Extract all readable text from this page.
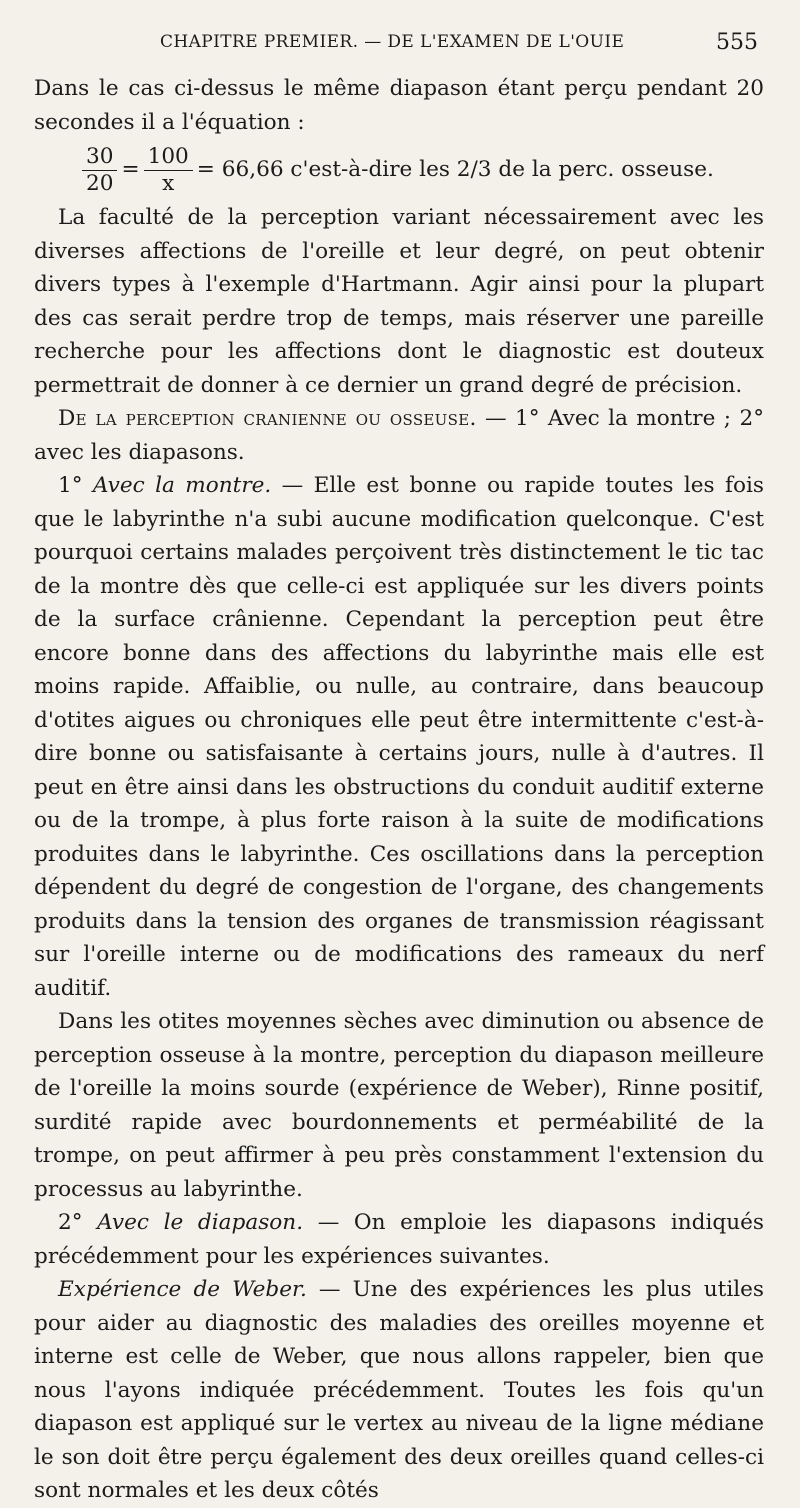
CHAPITRE PREMIER. — DE L'EXAMEN DE L'OUIE	555

Dans le cas ci-dessus le même diapason étant perçu pendant 20 secondes il a l'équation :

$\frac{30}{20} = \frac{100}{x} = 66,66$ c'est-à-dire les 2/3 de la perc. osseuse.

La faculté de la perception variant nécessairement avec les diverses affections de l'oreille et leur degré, on peut obtenir divers types à l'exemple d'Hartmann. Agir ainsi pour la plupart des cas serait perdre trop de temps, mais réserver une pareille recherche pour les affections dont le diagnostic est douteux permettrait de donner à ce dernier un grand degré de précision.

De la perception cranienne ou osseuse. — 1° Avec la montre ; 2° avec les diapasons.

1° Avec la montre. — Elle est bonne ou rapide toutes les fois que le labyrinthe n'a subi aucune modification quelconque. C'est pourquoi certains malades perçoivent très distinctement le tic tac de la montre dès que celle-ci est appliquée sur les divers points de la surface crânienne. Cependant la perception peut être encore bonne dans des affections du labyrinthe mais elle est moins rapide. Affaiblie, ou nulle, au contraire, dans beaucoup d'otites aigues ou chroniques elle peut être intermittente c'est-à-dire bonne ou satisfaisante à certains jours, nulle à d'autres. Il peut en être ainsi dans les obstructions du conduit auditif externe ou de la trompe, à plus forte raison à la suite de modifications produites dans le labyrinthe. Ces oscillations dans la perception dépendent du degré de congestion de l'organe, des changements produits dans la tension des organes de transmission réagissant sur l'oreille interne ou de modifications des rameaux du nerf auditif.

Dans les otites moyennes sèches avec diminution ou absence de perception osseuse à la montre, perception du diapason meilleure de l'oreille la moins sourde (expérience de Weber), Rinne positif, surdité rapide avec bourdonnements et perméabilité de la trompe, on peut affirmer à peu près constamment l'extension du processus au labyrinthe.

2° Avec le diapason. — On emploie les diapasons indiqués précédemment pour les expériences suivantes.

Expérience de Weber. — Une des expériences les plus utiles pour aider au diagnostic des maladies des oreilles moyenne et interne est celle de Weber, que nous allons rappeler, bien que nous l'ayons indiquée précédemment. Toutes les fois qu'un diapason est appliqué sur le vertex au niveau de la ligne médiane le son doit être perçu également des deux oreilles quand celles-ci sont normales et les deux côtés
